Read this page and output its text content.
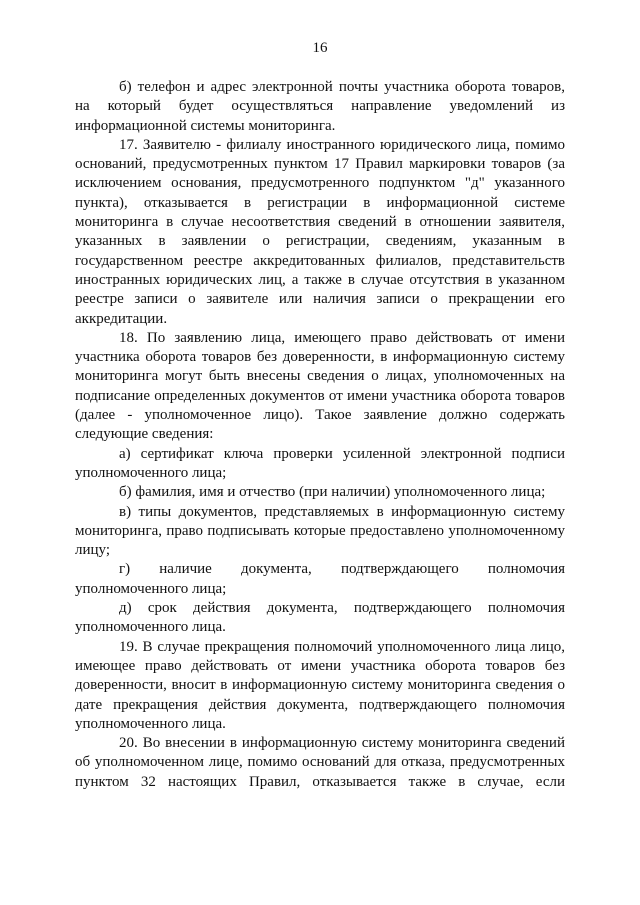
16

б) телефон и адрес электронной почты участника оборота товаров, на который будет осуществляться направление уведомлений из информационной системы мониторинга.

17. Заявителю - филиалу иностранного юридического лица, помимо оснований, предусмотренных пунктом 17 Правил маркировки товаров (за исключением основания, предусмотренного подпунктом "д" указанного пункта), отказывается в регистрации в информационной системе мониторинга в случае несоответствия сведений в отношении заявителя, указанных в заявлении о регистрации, сведениям, указанным в государственном реестре аккредитованных филиалов, представительств иностранных юридических лиц, а также в случае отсутствия в указанном реестре записи о заявителе или наличия записи о прекращении его аккредитации.

18. По заявлению лица, имеющего право действовать от имени участника оборота товаров без доверенности, в информационную систему мониторинга могут быть внесены сведения о лицах, уполномоченных на подписание определенных документов от имени участника оборота товаров (далее - уполномоченное лицо). Такое заявление должно содержать следующие сведения:

а) сертификат ключа проверки усиленной электронной подписи уполномоченного лица;

б) фамилия, имя и отчество (при наличии) уполномоченного лица;

в) типы документов, представляемых в информационную систему мониторинга, право подписывать которые предоставлено уполномоченному лицу;

г) наличие документа, подтверждающего полномочия уполномоченного лица;

д) срок действия документа, подтверждающего полномочия уполномоченного лица.

19. В случае прекращения полномочий уполномоченного лица лицо, имеющее право действовать от имени участника оборота товаров без доверенности, вносит в информационную систему мониторинга сведения о дате прекращения действия документа, подтверждающего полномочия уполномоченного лица.

20. Во внесении в информационную систему мониторинга сведений об уполномоченном лице, помимо оснований для отказа, предусмотренных пунктом 32 настоящих Правил, отказывается также в случае, если
